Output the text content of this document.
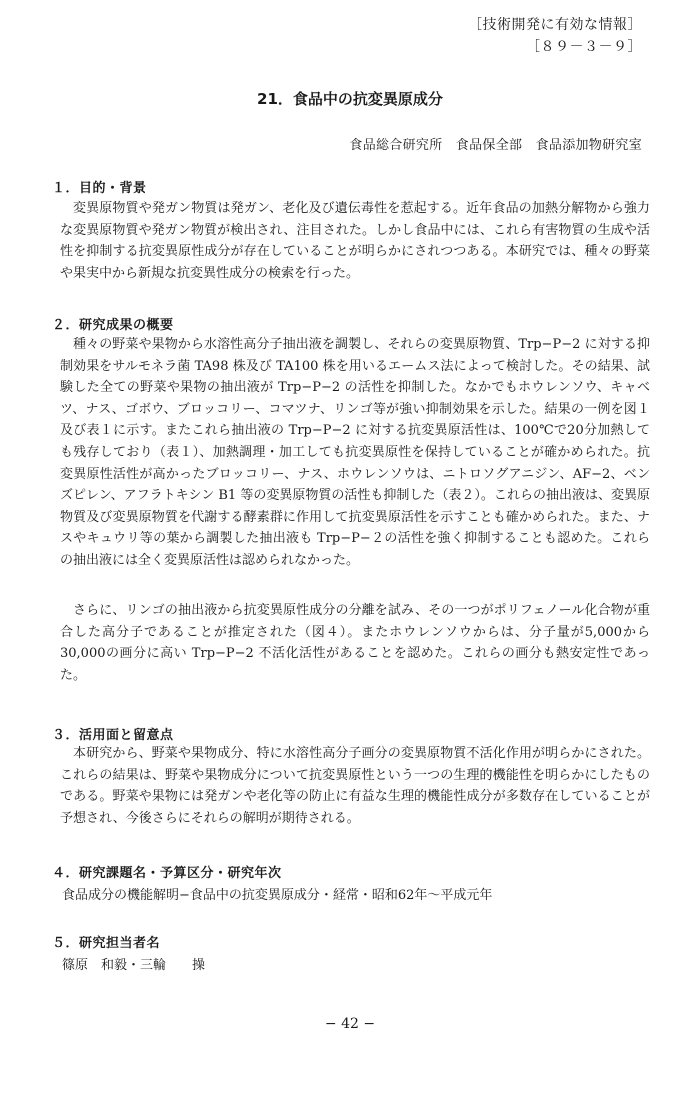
［技術開発に有効な情報］
［８９－３－９］
21．食品中の抗変異原成分
食品総合研究所　食品保全部　食品添加物研究室
１．目的・背景

変異原物質や発ガン物質は発ガン、老化及び遺伝毒性を惹起する。近年食品の加熱分解物から強力な変異原物質や発ガン物質が検出され、注目された。しかし食品中には、これら有害物質の生成や活性を抑制する抗変異原性成分が存在していることが明らかにされつつある。本研究では、種々の野菜や果実中から新規な抗変異性成分の検索を行った。

２．研究成果の概要

種々の野菜や果物から水溶性高分子抽出液を調製し、それらの変異原物質、Trp−P−2 に対する抑制効果をサルモネラ菌 TA98 株及び TA100 株を用いるエームス法によって検討した。その結果、試験した全ての野菜や果物の抽出液が Trp−P−2 の活性を抑制した。なかでもホウレンソウ、キャベツ、ナス、ゴボウ、ブロッコリー、コマツナ、リンゴ等が強い抑制効果を示した。結果の一例を図１及び表１に示す。またこれら抽出液の Trp−P−2 に対する抗変異原活性は、100℃で20分加熱しても残存しており（表１）、加熱調理・加工しても抗変異原性を保持していることが確かめられた。抗変異原性活性が高かったブロッコリー、ナス、ホウレンソウは、ニトロソグアニジン、AF−2、ベンズピレン、アフラトキシン B1 等の変異原物質の活性も抑制した（表２）。これらの抽出液は、変異原物質及び変異原物質を代謝する酵素群に作用して抗変異原活性を示すことも確かめられた。また、ナスやキュウリ等の葉から調製した抽出液も Trp−P−２の活性を強く抑制することも認めた。これらの抽出液には全く変異原活性は認められなかった。

さらに、リンゴの抽出液から抗変異原性成分の分離を試み、その一つがポリフェノール化合物が重合した高分子であることが推定された（図４）。またホウレンソウからは、分子量が5,000から30,000の画分に高い Trp−P−2 不活化活性があることを認めた。これらの画分も熱安定性であった。

３．活用面と留意点

本研究から、野菜や果物成分、特に水溶性高分子画分の変異原物質不活化作用が明らかにされた。これらの結果は、野菜や果物成分について抗変異原性という一つの生理的機能性を明らかにしたものである。野菜や果物には発ガンや老化等の防止に有益な生理的機能性成分が多数存在していることが予想され、今後さらにそれらの解明が期待される。

４．研究課題名・予算区分・研究年次
食品成分の機能解明−食品中の抗変異原成分・経常・昭和62年～平成元年
５．研究担当者名
篠原　和毅・三輪　　操
− 42 −
